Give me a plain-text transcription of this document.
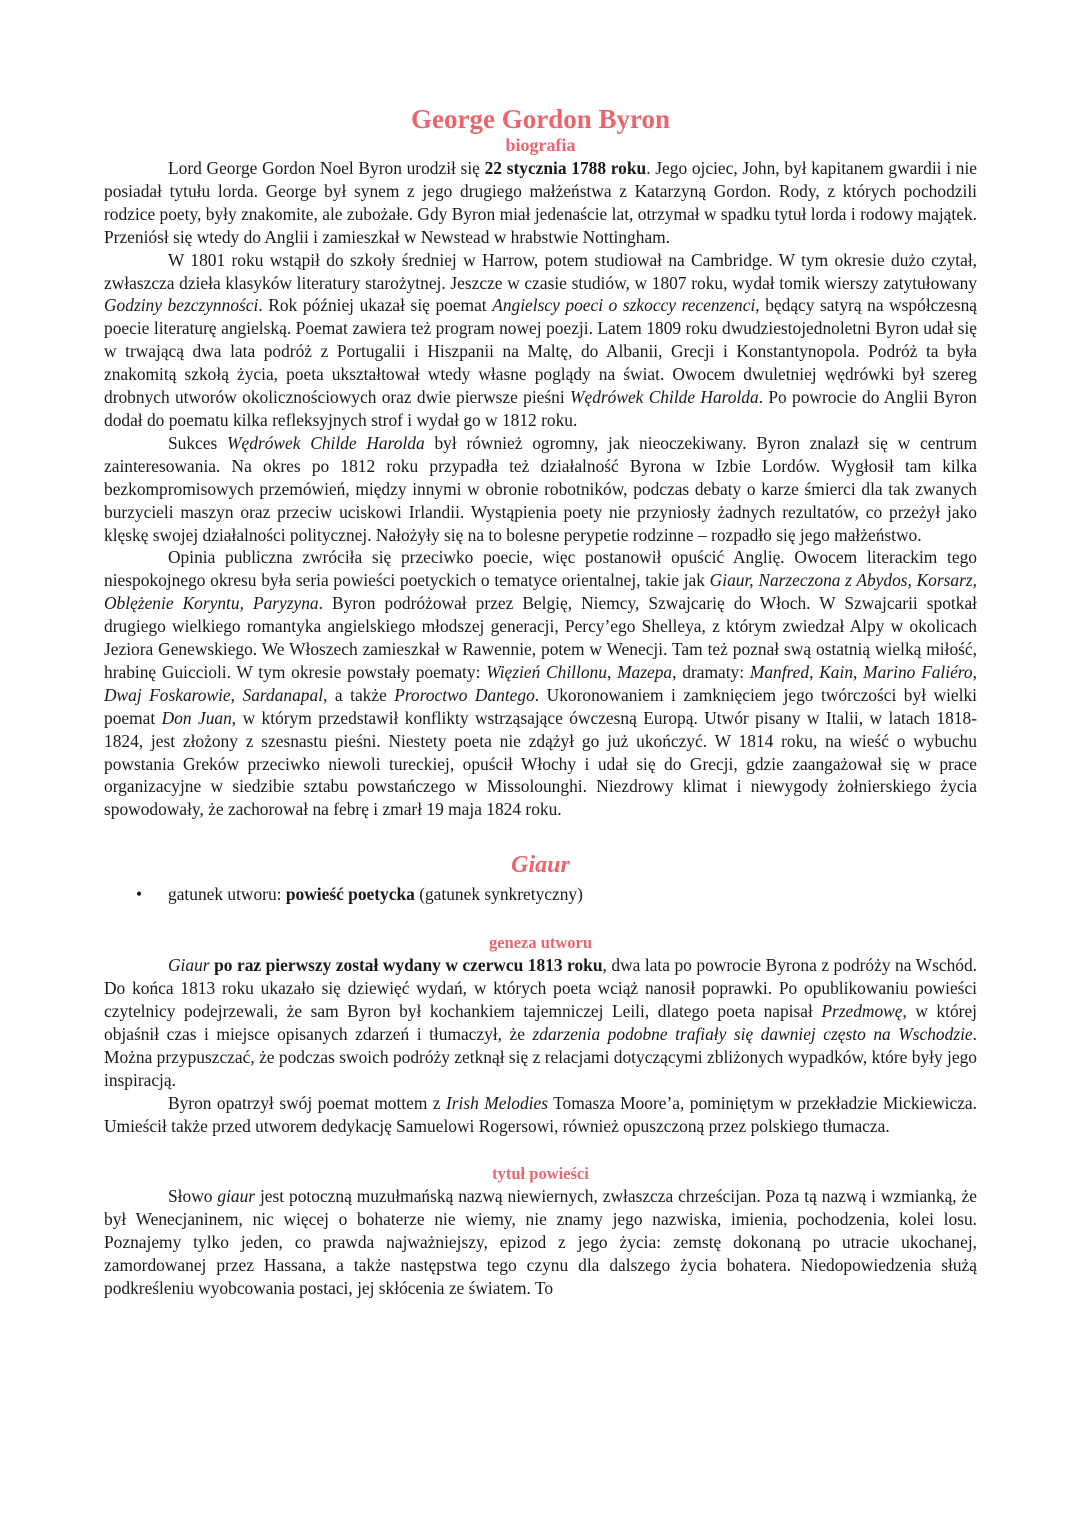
George Gordon Byron
biografia

Lord George Gordon Noel Byron urodził się 22 stycznia 1788 roku. Jego ojciec, John, był kapitanem gwardii i nie posiadał tytułu lorda. George był synem z jego drugiego małżeństwa z Katarzyną Gordon. Rody, z których pochodzili rodzice poety, były znakomite, ale zubożałe. Gdy Byron miał jedenaście lat, otrzymał w spadku tytuł lorda i rodowy majątek. Przeniósł się wtedy do Anglii i zamieszkał w Newstead w hrabstwie Nottingham.

W 1801 roku wstąpił do szkoły średniej w Harrow, potem studiował na Cambridge. W tym okresie dużo czytał, zwłaszcza dzieła klasyków literatury starożytnej. Jeszcze w czasie studiów, w 1807 roku, wydał tomik wierszy zatytułowany Godziny bezczynności. Rok później ukazał się poemat Angielscy poeci o szkoccy recenzenci, będący satyrą na współczesną poecie literaturę angielską. Poemat zawiera też program nowej poezji. Latem 1809 roku dwudziestojednoletni Byron udał się w trwającą dwa lata podróż z Portugalii i Hiszpanii na Maltę, do Albanii, Grecji i Konstantynopola. Podróż ta była znakomitą szkołą życia, poeta ukształtował wtedy własne poglądy na świat. Owocem dwuletniej wędrówki był szereg drobnych utworów okolicznościowych oraz dwie pierwsze pieśni Wędrówek Childe Harolda. Po powrocie do Anglii Byron dodał do poematu kilka refleksyjnych strof i wydał go w 1812 roku.

Sukces Wędrówek Childe Harolda był również ogromny, jak nieoczekiwany. Byron znalazł się w centrum zainteresowania. Na okres po 1812 roku przypadła też działalność Byrona w Izbie Lordów. Wygłosił tam kilka bezkompromisowych przemówień, między innymi w obronie robotników, podczas debaty o karze śmierci dla tak zwanych burzycieli maszyn oraz przeciw uciskowi Irlandii. Wystąpienia poety nie przyniosły żadnych rezultatów, co przeżył jako klęskę swojej działalności politycznej. Nałożyły się na to bolesne perypetie rodzinne – rozpadło się jego małżeństwo.

Opinia publiczna zwróciła się przeciwko poecie, więc postanowił opuścić Anglię. Owocem literackim tego niespokojnego okresu była seria powieści poetyckich o tematyce orientalnej, takie jak Giaur, Narzeczona z Abydos, Korsarz, Oblężenie Koryntu, Paryzyna. Byron podróżował przez Belgię, Niemcy, Szwajcarię do Włoch. W Szwajcarii spotkał drugiego wielkiego romantyka angielskiego młodszej generacji, Percy’ego Shelleya, z którym zwiedzał Alpy w okolicach Jeziora Genewskiego. We Włoszech zamieszkał w Rawennie, potem w Wenecji. Tam też poznał swą ostatnią wielką miłość, hrabinę Guiccioli. W tym okresie powstały poematy: Więzień Chillonu, Mazepa, dramaty: Manfred, Kain, Marino Faliéro, Dwaj Foskarowie, Sardanapal, a także Proroctwo Dantego. Ukoronowaniem i zamknięciem jego twórczości był wielki poemat Don Juan, w którym przedstawił konflikty wstrząsające ówczesną Europą. Utwór pisany w Italii, w latach 1818-1824, jest złożony z szesnastu pieśni. Niestety poeta nie zdążył go już ukończyć. W 1814 roku, na wieść o wybuchu powstania Greków przeciwko niewoli tureckiej, opuścił Włochy i udał się do Grecji, gdzie zaangażował się w prace organizacyjne w siedzibie sztabu powstańczego w Missolounghi. Niezdrowy klimat i niewygody żołnierskiego życia spowodowały, że zachorował na febrę i zmarł 19 maja 1824 roku.

Giaur
• gatunek utworu: powieść poetycka (gatunek synkretyczny)
geneza utworu

Giaur po raz pierwszy został wydany w czerwcu 1813 roku, dwa lata po powrocie Byrona z podróży na Wschód. Do końca 1813 roku ukazało się dziewięć wydań, w których poeta wciąż nanosił poprawki. Po opublikowaniu powieści czytelnicy podejrzewali, że sam Byron był kochankiem tajemniczej Leili, dlatego poeta napisał Przedmowę, w której objaśnił czas i miejsce opisanych zdarzeń i tłumaczył, że zdarzenia podobne trafiały się dawniej często na Wschodzie. Można przypuszczać, że podczas swoich podróży zetknął się z relacjami dotyczącymi zbliżonych wypadków, które były jego inspiracją.

Byron opatrzył swój poemat mottem z Irish Melodies Tomasza Moore’a, pominiętym w przekładzie Mickiewicza. Umieścił także przed utworem dedykację Samuelowi Rogersowi, również opuszczoną przez polskiego tłumacza.

tytuł powieści

Słowo giaur jest potoczną muzułmańską nazwą niewiernych, zwłaszcza chrześcijan. Poza tą nazwą i wzmianką, że był Wenecjaninem, nic więcej o bohaterze nie wiemy, nie znamy jego nazwiska, imienia, pochodzenia, kolei losu. Poznajemy tylko jeden, co prawda najważniejszy, epizod z jego życia: zemstę dokonaną po utracie ukochanej, zamordowanej przez Hassana, a także następstwa tego czynu dla dalszego życia bohatera. Niedopowiedzenia służą podkreśleniu wyobcowania postaci, jej skłócenia ze światem. To
